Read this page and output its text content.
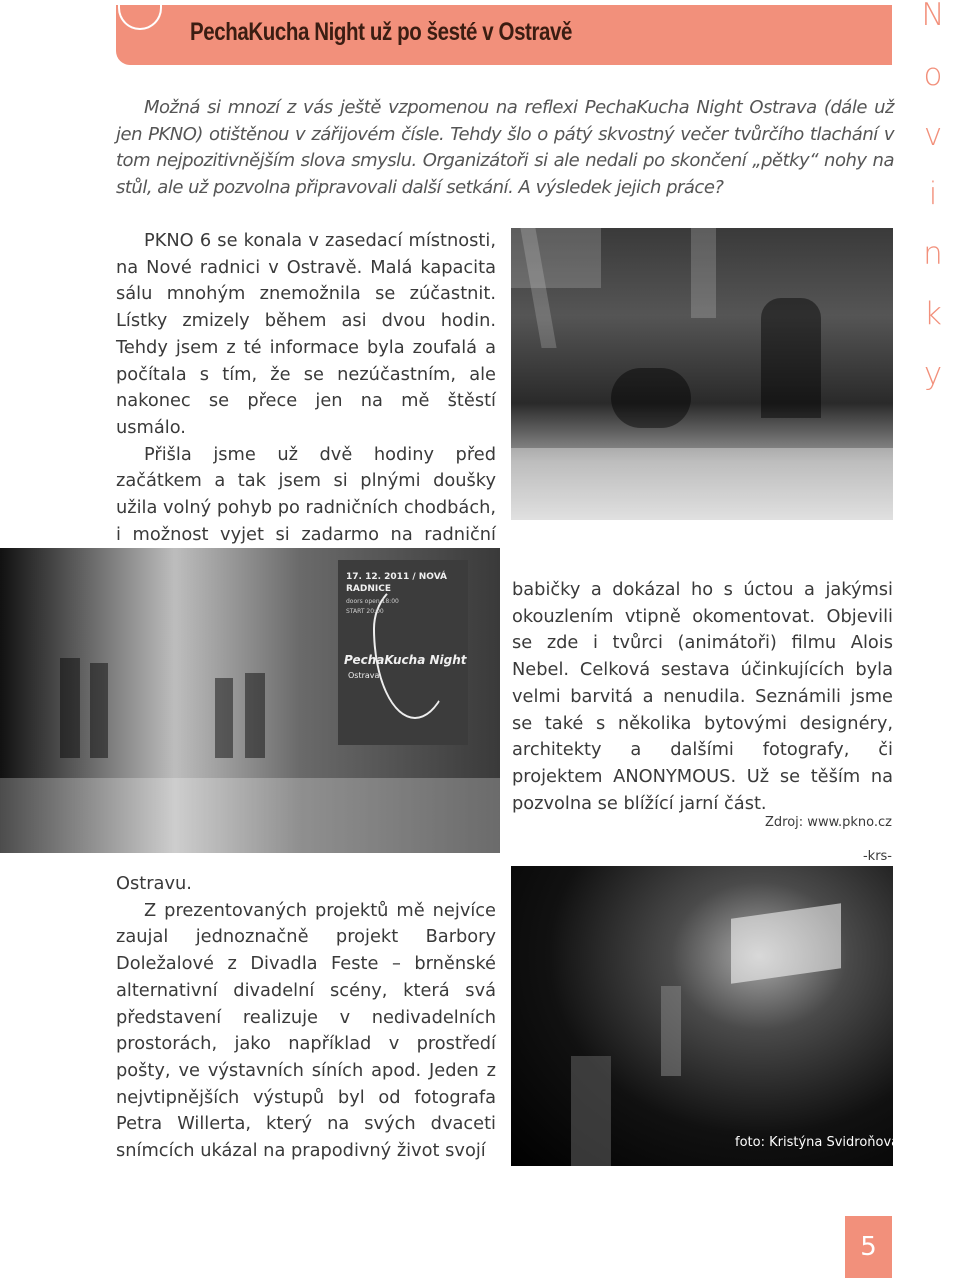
PechaKucha Night už po šesté v Ostravě	N
o
v
i
n
k
y
Možná si mnozí z vás ještě vzpomenou na reflexi PechaKucha Night Ostrava (dále už jen PKNO) otištěnou v zářijovém čísle. Tehdy šlo o pátý skvostný večer tvůrčího tlachání v tom nejpozitivnějším slova smyslu. Organizátoři si ale nedali po skončení „pětky“ nohy na stůl, ale už pozvolna připravovali další setkání. A výsledek jejich práce?

PKNO 6 se konala v zasedací místnosti, na Nové radnici v Ostravě. Malá kapacita sálu mnohým znemožnila se zúčastnit. Lístky zmizely během asi dvou hodin. Tehdy jsem z té informace byla zoufalá a počítala s tím, že se nezúčastním, ale nakonec se přece jen na mě štěstí usmálo.

Přišla jsme už dvě hodiny před začátkem a tak jsem si plnými doušky užila volný pohyb po radničních chodbách, i možnost vyjet si zadarmo na radniční

17. 12. 2011 / NOVÁ
RADNICE
doors open 18:00
START 20:00
PechaKucha Night
Ostrava

babičky a dokázal ho s úctou a jakýmsi okouzlením vtipně okomentovat. Objevili se zde i tvůrci (animátoři) filmu Alois Nebel. Celková sestava účinkujících byla velmi barvitá a nenudila. Seznámili jsme se také s několika bytovými designéry, architekty a dalšími fotografy, či projektem ANONYMOUS. Už se těším na pozvolna se blížící jarní část.

Zdroj: www.pkno.cz
-krs-

Ostravu.

Z prezentovaných projektů mě nejvíce zaujal jednoznačně projekt Barbory Doležalové z Divadla Feste – brněnské alternativní divadelní scény, která svá představení realizuje v nedivadelních prostorách, jako například v prostředí pošty, ve výstavních síních apod. Jeden z nejvtipnějších výstupů byl od fotografa Petra Willerta, který na svých dvaceti snímcích ukázal na prapodivný život svojí	foto: Kristýna Svidroňová
5
